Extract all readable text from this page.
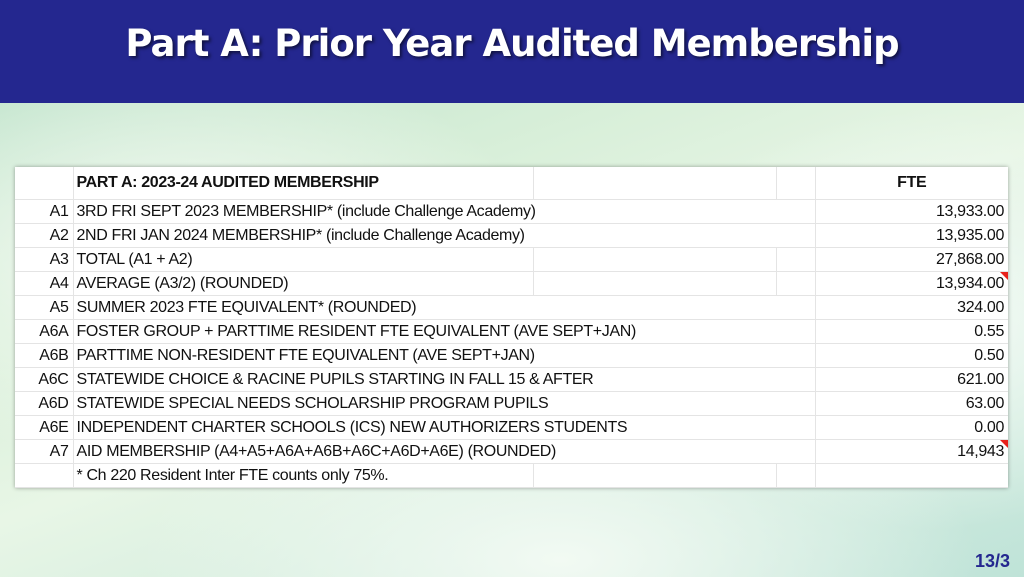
Part A: Prior Year Audited Membership
	PART A: 2023-24 AUDITED MEMBERSHIP			FTE
A1	3RD FRI SEPT 2023 MEMBERSHIP* (include Challenge Academy)			13,933.00
A2	2ND FRI JAN 2024 MEMBERSHIP* (include Challenge Academy)			13,935.00
A3	TOTAL (A1 + A2)			27,868.00
A4	AVERAGE (A3/2) (ROUNDED)			13,934.00

A5	SUMMER 2023 FTE EQUIVALENT* (ROUNDED)			324.00
A6A	FOSTER GROUP + PARTTIME RESIDENT FTE EQUIVALENT (AVE SEPT+JAN)			0.55
A6B	PARTTIME NON-RESIDENT FTE EQUIVALENT (AVE SEPT+JAN)			0.50
A6C	STATEWIDE CHOICE & RACINE PUPILS STARTING IN FALL 15 & AFTER			621.00
A6D	STATEWIDE SPECIAL NEEDS SCHOLARSHIP PROGRAM PUPILS			63.00
A6E	INDEPENDENT CHARTER SCHOOLS (ICS) NEW AUTHORIZERS STUDENTS			0.00
A7	AID MEMBERSHIP (A4+A5+A6A+A6B+A6C+A6D+A6E) (ROUNDED)			14,943

	* Ch 220 Resident Inter FTE counts only 75%.			
13/3
